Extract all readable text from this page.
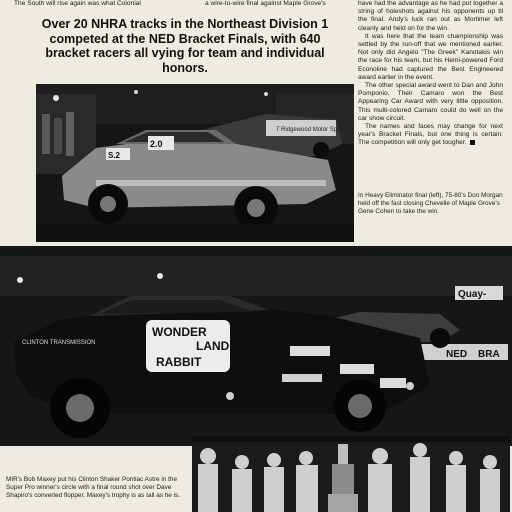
The South will rise again was what Colonial	a wire-to-wire final against Maple Grove's
Over 20 NHRA tracks in the Northeast Division 1 competed at the NED Bracket Finals, with 640 bracket racers all vying for team and individual honors.

have had the advantage as he had put together a string of holeshots against his opponents up til the final. Andy's luck ran out as Mortimer left cleanly and held on for the win.

It was here that the team championship was settled by the run-off that we mentioned earlier. Not only did Angelo "The Greek" Kanotakis win the race for his team, but his Hemi-powered Ford Econoline had captured the Best Engineered award earlier in the event.

The other special award went to Dan and John Pomponio. Their Camaro won the Best Appearing Car Award with very little opposition. This multi-colored Camaro could do well on the car show circuit.

The names and faces may change for next year's Bracket Finals, but one thing is certain: The competition will only get tougher.

In Heavy Eliminator final (left), 75-80's Don Morgan held off the fast closing Chevelle of Maple Grove's Gene Cohen to take the win.
7 Ridgewood Motor Sports
2.0
S.2
Quay-
NED BRA
WONDER
LAND
RABBIT
CLINTON TRANSMISSION
MIR's Bob Maxey put his Clinton Shaker Pontiac Astre in the Super Pro winner's circle with a final round shot over Dave Shapiro's converted flopper. Maxey's trophy is as tall as he is.
